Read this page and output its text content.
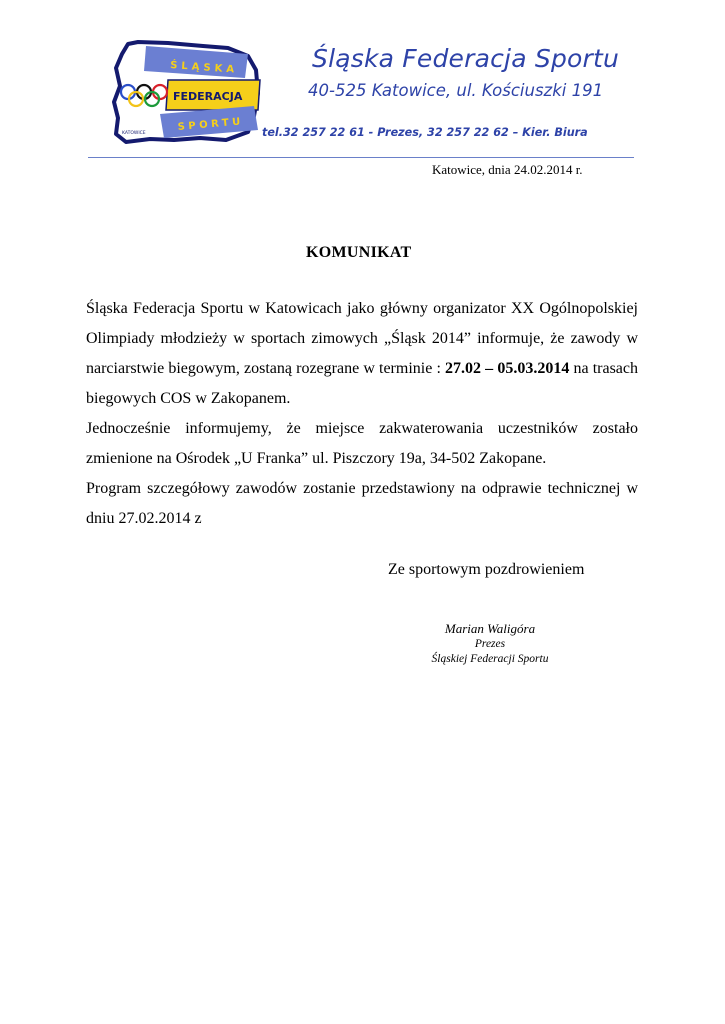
ŚLĄSKA
FEDERACJA
SPORTU
KATOWICE
Śląska Federacja Sportu
40-525 Katowice, ul. Kościuszki 191
tel.32 257 22 61 - Prezes, 32 257 22 62 – Kier. Biura
Katowice, dnia 24.02.2014 r.
KOMUNIKAT

Śląska Federacja Sportu w Katowicach jako główny organizator XX Ogólnopolskiej Olimpiady młodzieży w sportach zimowych „Śląsk 2014” informuje, że zawody w narciarstwie biegowym, zostaną rozegrane w terminie : 27.02 – 05.03.2014 na trasach biegowych COS w Zakopanem.

Jednocześnie informujemy, że miejsce zakwaterowania uczestników zostało zmienione na Ośrodek „U Franka” ul. Piszczory 19a, 34-502 Zakopane.

Program szczegółowy zawodów zostanie przedstawiony na odprawie technicznej w dniu 27.02.2014 z

Ze sportowym pozdrowieniem
Marian Waligóra
Prezes
Śląskiej Federacji Sportu
